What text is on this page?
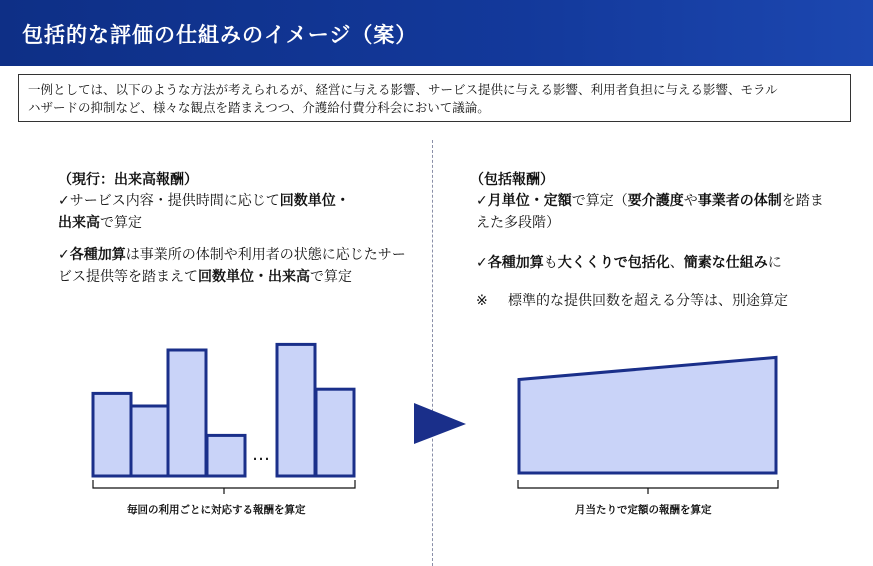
包括的な評価の仕組みのイメージ（案）
一例としては、以下のような方法が考えられるが、経営に与える影響、サービス提供に与える影響、利用者負担に与える影響、モラル
ハザードの抑制など、様々な観点を踏まえつつ、介護給付費分科会において議論。
（現行：出来高報酬）
✓サービス内容・提供時間に応じて回数単位・
出来高で算定
✓各種加算は事業所の体制や利用者の状態に応じたサービス提供等を踏まえて回数単位・出来高で算定
（包括報酬）
✓月単位・定額で算定（要介護度や事業者の体制を踏まえた多段階）
✓各種加算も大くくりで包括化、簡素な仕組みに
※ 標準的な提供回数を超える分等は、別途算定
…
毎回の利用ごとに対応する報酬を算定	月当たりで定額の報酬を算定
